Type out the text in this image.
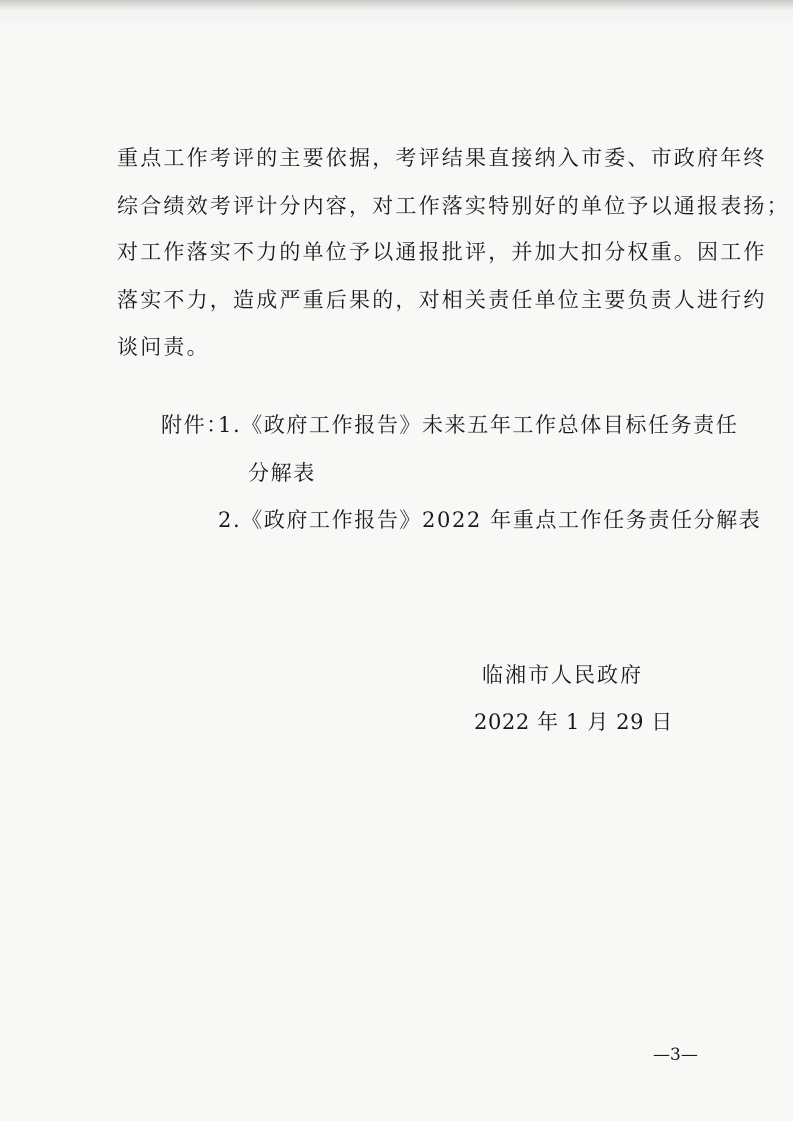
重点工作考评的主要依据，考评结果直接纳入市委、市政府年终
综合绩效考评计分内容，对工作落实特别好的单位予以通报表扬；
对工作落实不力的单位予以通报批评，并加大扣分权重。因工作
落实不力，造成严重后果的，对相关责任单位主要负责人进行约
谈问责。
附件：
1.《政府工作报告》未来五年工作总体目标任务责任
分解表
2.《政府工作报告》2022 年重点工作任务责任分解表
临湘市人民政府
2022 年 1 月 29 日
—3—
